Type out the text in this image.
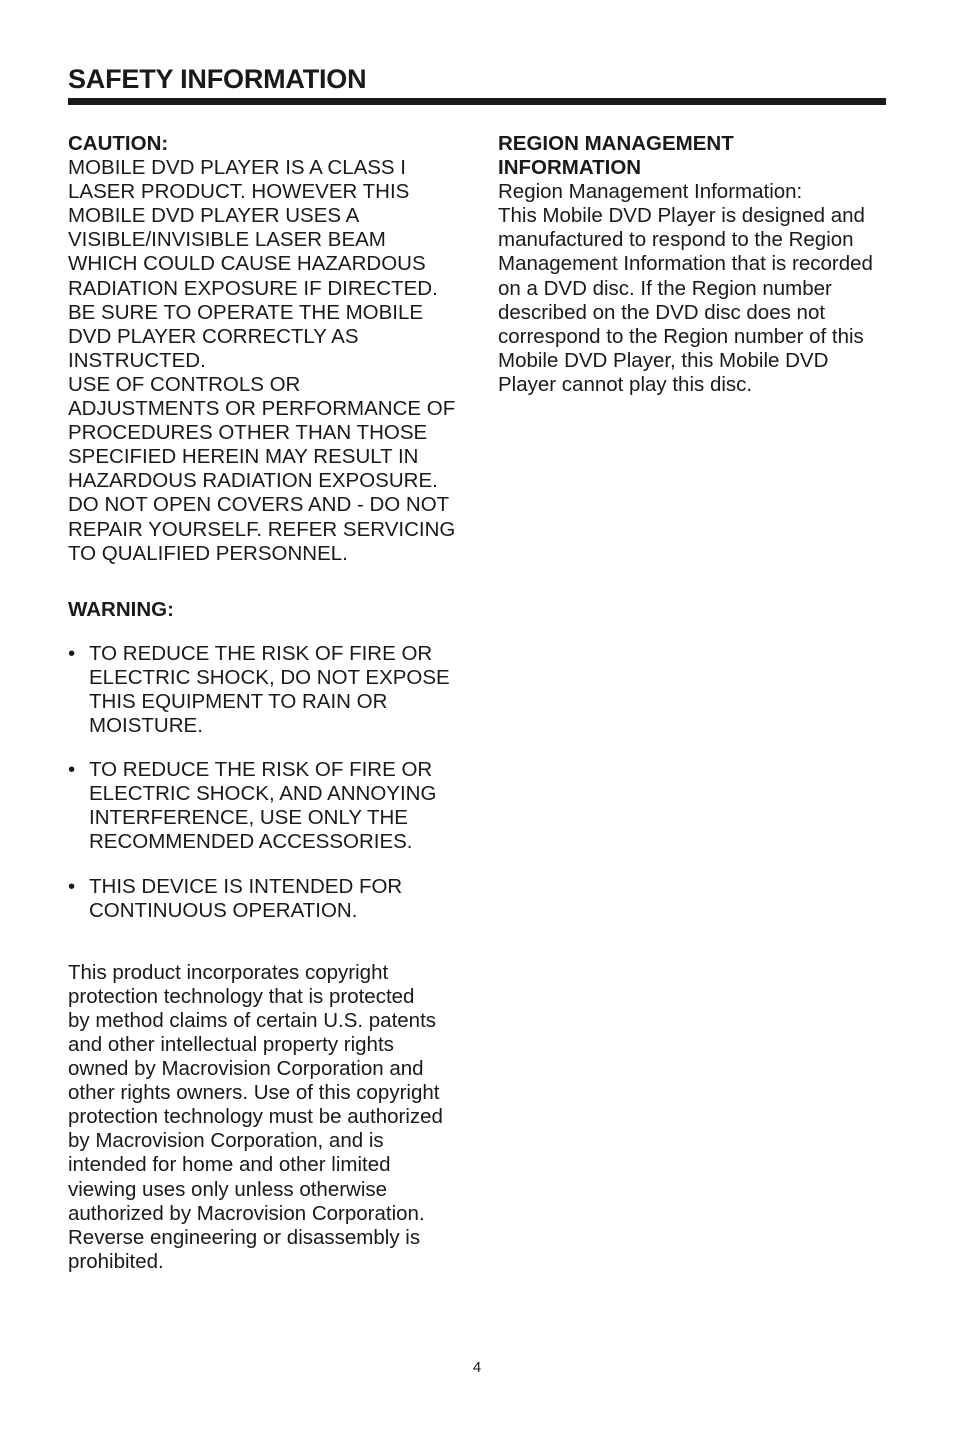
SAFETY INFORMATION

CAUTION:

MOBILE DVD PLAYER IS A CLASS I
LASER PRODUCT. HOWEVER THIS
MOBILE DVD PLAYER USES A
VISIBLE/INVISIBLE LASER BEAM
WHICH COULD CAUSE HAZARDOUS
RADIATION EXPOSURE IF DIRECTED.
BE SURE TO OPERATE THE MOBILE
DVD PLAYER CORRECTLY AS
INSTRUCTED.
USE OF CONTROLS OR
ADJUSTMENTS OR PERFORMANCE OF
PROCEDURES OTHER THAN THOSE
SPECIFIED HEREIN MAY RESULT IN
HAZARDOUS RADIATION EXPOSURE.
DO NOT OPEN COVERS AND - DO NOT
REPAIR YOURSELF. REFER SERVICING
TO QUALIFIED PERSONNEL.

WARNING:

• TO REDUCE THE RISK OF FIRE OR
ELECTRIC SHOCK, DO NOT EXPOSE
THIS EQUIPMENT TO RAIN OR
MOISTURE.
• TO REDUCE THE RISK OF FIRE OR
ELECTRIC SHOCK, AND ANNOYING
INTERFERENCE, USE ONLY THE
RECOMMENDED ACCESSORIES.
• THIS DEVICE IS INTENDED FOR
CONTINUOUS OPERATION.
This product incorporates copyright
protection technology that is protected
by method claims of certain U.S. patents
and other intellectual property rights
owned by Macrovision Corporation and
other rights owners. Use of this copyright
protection technology must be authorized
by Macrovision Corporation, and is
intended for home and other limited
viewing uses only unless otherwise
authorized by Macrovision Corporation.
Reverse engineering or disassembly is
prohibited.
REGION MANAGEMENT
INFORMATION
Region Management Information:
This Mobile DVD Player is designed and
manufactured to respond to the Region
Management Information that is recorded
on a DVD disc. If the Region number
described on the DVD disc does not
correspond to the Region number of this
Mobile DVD Player, this Mobile DVD
Player cannot play this disc.
4
